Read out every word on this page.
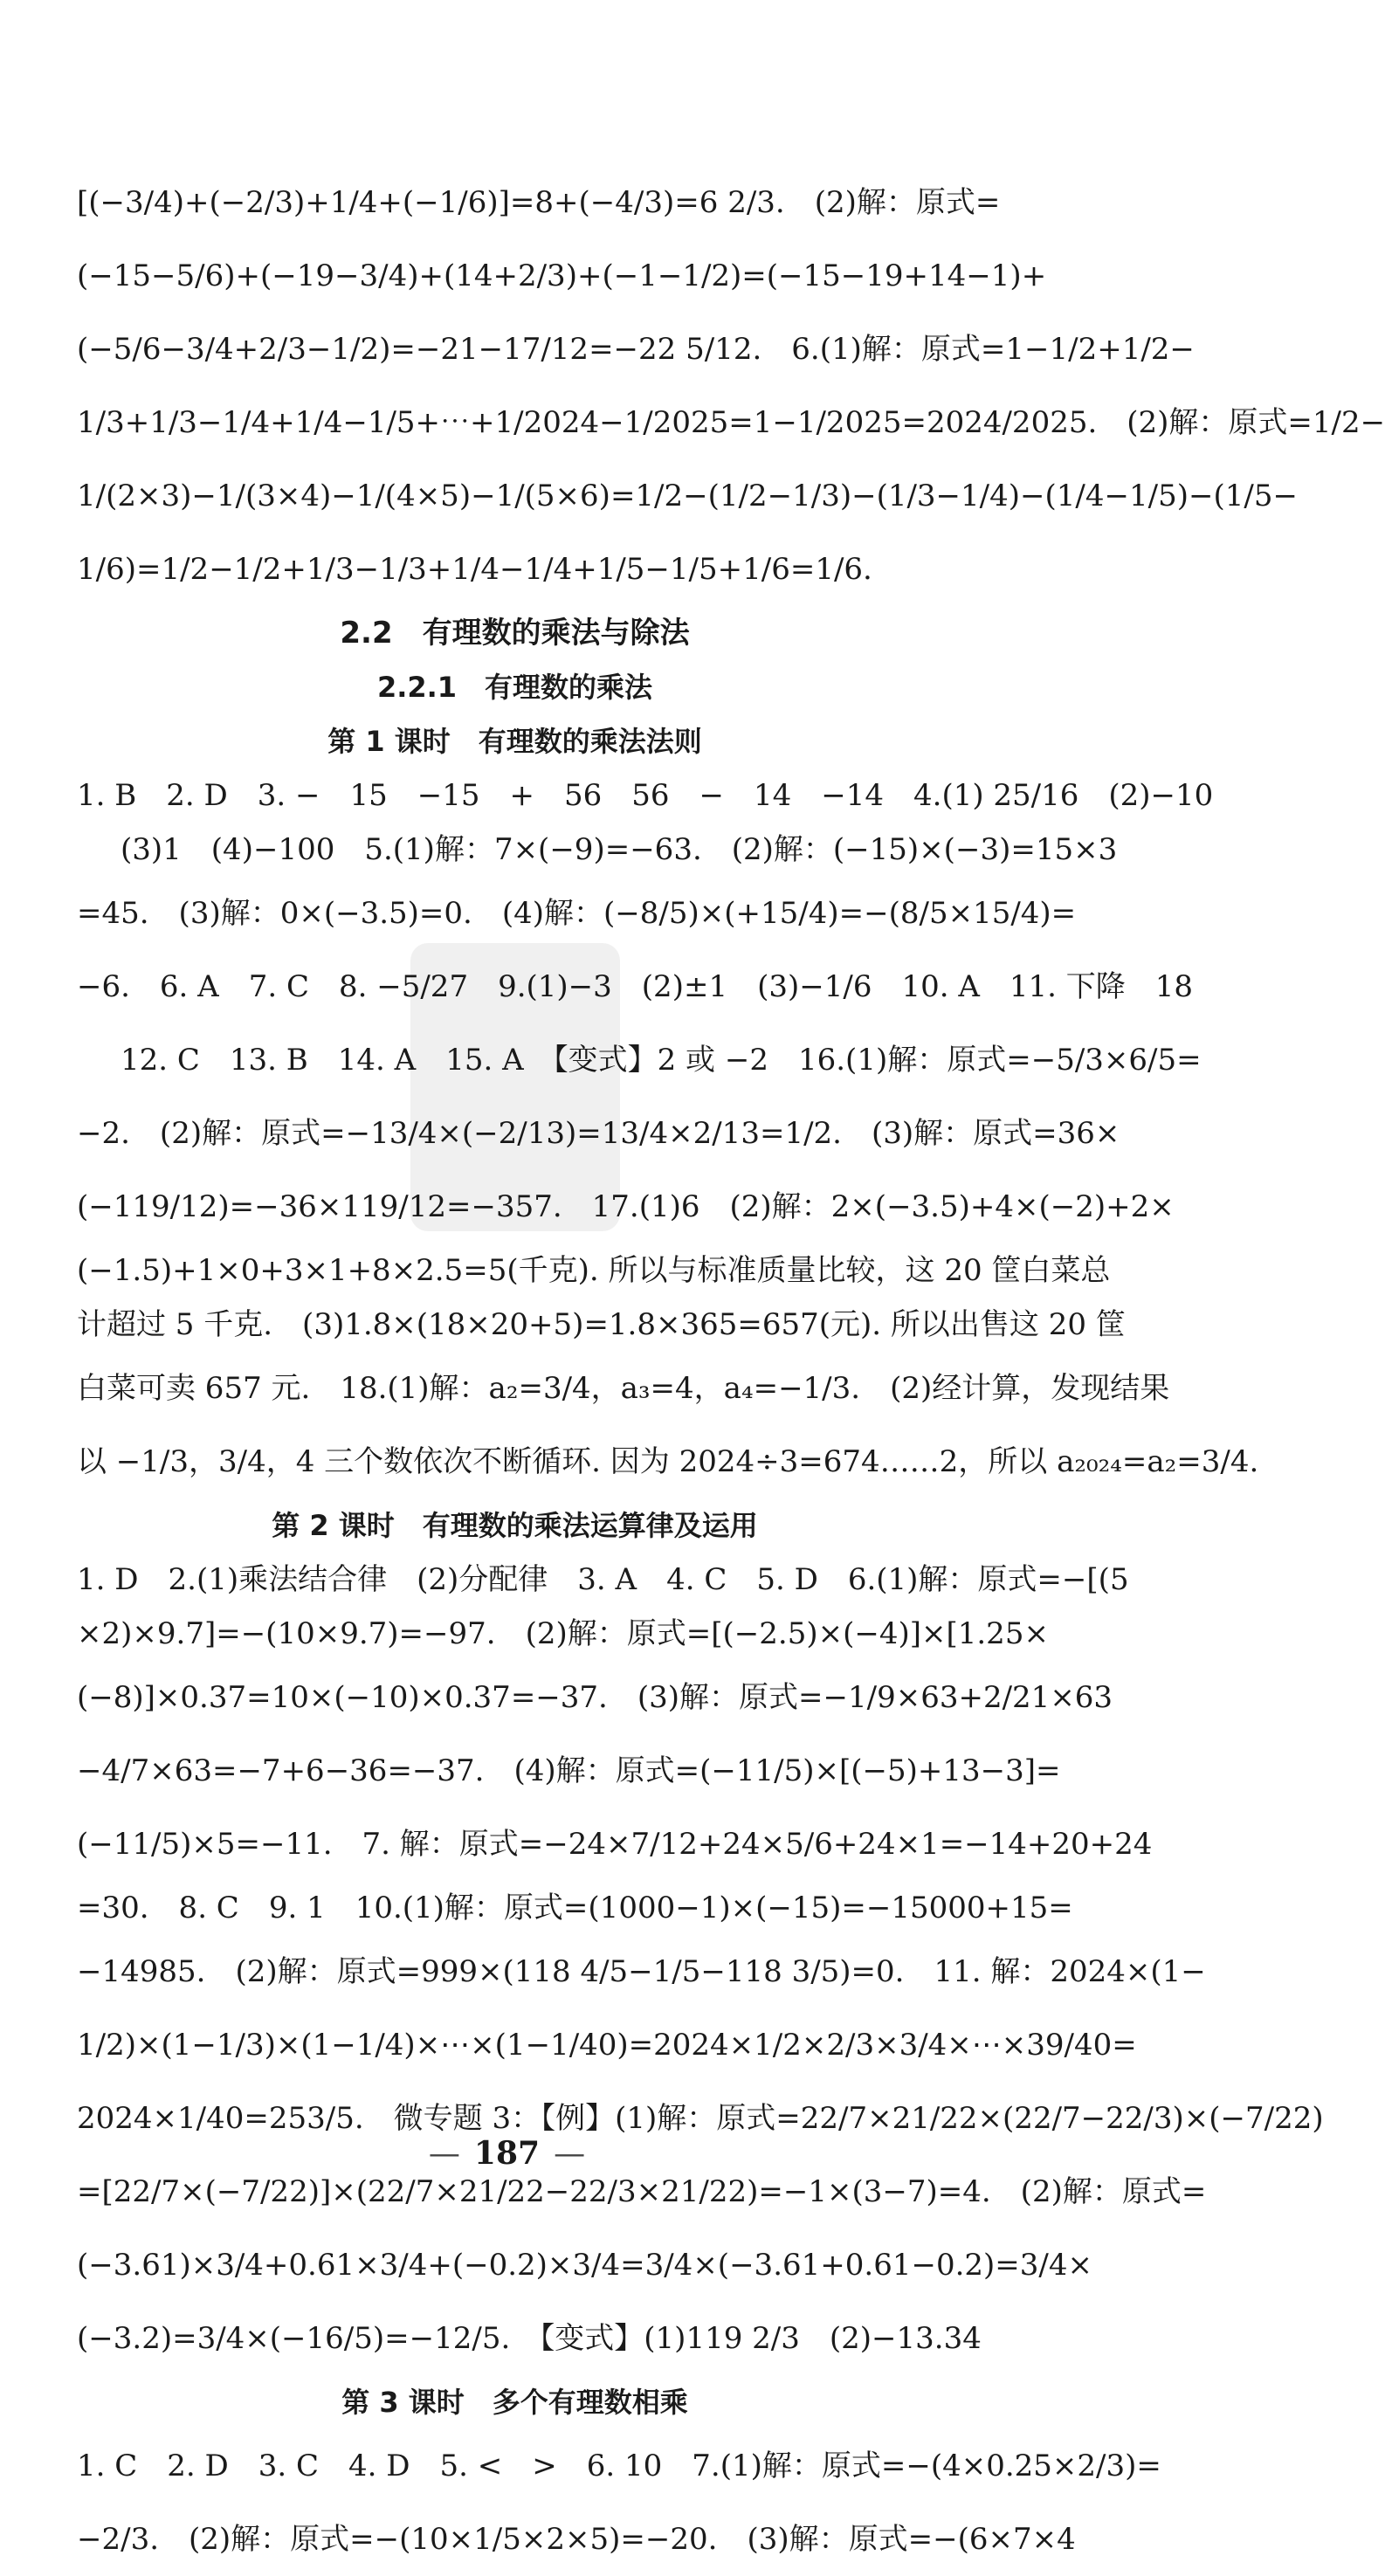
[(−3/4)+(−2/3)+1/4+(−1/6)]=8+(−4/3)=6 2/3.　(2)解：原式=
(−15−5/6)+(−19−3/4)+(14+2/3)+(−1−1/2)=(−15−19+14−1)+
(−5/6−3/4+2/3−1/2)=−21−17/12=−22 5/12.　6.(1)解：原式=1−1/2+1/2−
1/3+1/3−1/4+1/4−1/5+⋯+1/2024−1/2025=1−1/2025=2024/2025.　(2)解：原式=1/2−
1/(2×3)−1/(3×4)−1/(4×5)−1/(5×6)=1/2−(1/2−1/3)−(1/3−1/4)−(1/4−1/5)−(1/5−
1/6)=1/2−1/2+1/3−1/3+1/4−1/4+1/5−1/5+1/6=1/6.
2.2　有理数的乘法与除法
2.2.1　有理数的乘法
第 1 课时　有理数的乘法法则
1. B　2. D　3. −　15　−15　+　56　56　−　14　−14　4.(1) 25/16　(2)−10
(3)1　(4)−100　5.(1)解：7×(−9)=−63.　(2)解：(−15)×(−3)=15×3
=45.　(3)解：0×(−3.5)=0.　(4)解：(−8/5)×(+15/4)=−(8/5×15/4)=
−6.　6. A　7. C　8. −5/27　9.(1)−3　(2)±1　(3)−1/6　10. A　11. 下降　18
12. C　13. B　14. A　15. A　【变式】2 或 −2　16.(1)解：原式=−5/3×6/5=
−2.　(2)解：原式=−13/4×(−2/13)=13/4×2/13=1/2.　(3)解：原式=36×
(−119/12)=−36×119/12=−357.　17.(1)6　(2)解：2×(−3.5)+4×(−2)+2×
(−1.5)+1×0+3×1+8×2.5=5(千克). 所以与标准质量比较，这 20 筐白菜总
计超过 5 千克.　(3)1.8×(18×20+5)=1.8×365=657(元). 所以出售这 20 筐
白菜可卖 657 元.　18.(1)解：a₂=3/4，a₃=4，a₄=−1/3.　(2)经计算，发现结果
以 −1/3，3/4，4 三个数依次不断循环. 因为 2024÷3=674……2，所以 a₂₀₂₄=a₂=3/4.
第 2 课时　有理数的乘法运算律及运用
1. D　2.(1)乘法结合律　(2)分配律　3. A　4. C　5. D　6.(1)解：原式=−[(5
×2)×9.7]=−(10×9.7)=−97.　(2)解：原式=[(−2.5)×(−4)]×[1.25×
(−8)]×0.37=10×(−10)×0.37=−37.　(3)解：原式=−1/9×63+2/21×63
−4/7×63=−7+6−36=−37.　(4)解：原式=(−11/5)×[(−5)+13−3]=
(−11/5)×5=−11.　7. 解：原式=−24×7/12+24×5/6+24×1=−14+20+24
=30.　8. C　9. 1　10.(1)解：原式=(1000−1)×(−15)=−15000+15=
−14985.　(2)解：原式=999×(118 4/5−1/5−118 3/5)=0.　11. 解：2024×(1−
1/2)×(1−1/3)×(1−1/4)×⋯×(1−1/40)=2024×1/2×2/3×3/4×⋯×39/40=
2024×1/40=253/5.　微专题 3：【例】(1)解：原式=22/7×21/22×(22/7−22/3)×(−7/22)
=[22/7×(−7/22)]×(22/7×21/22−22/3×21/22)=−1×(3−7)=4.　(2)解：原式=
(−3.61)×3/4+0.61×3/4+(−0.2)×3/4=3/4×(−3.61+0.61−0.2)=3/4×
(−3.2)=3/4×(−16/5)=−12/5.　【变式】(1)119 2/3　(2)−13.34
第 3 课时　多个有理数相乘
1. C　2. D　3. C　4. D　5. <　>　6. 10　7.(1)解：原式=−(4×0.25×2/3)=
−2/3.　(2)解：原式=−(10×1/5×2×5)=−20.　(3)解：原式=−(6×7×4
— 187 —
